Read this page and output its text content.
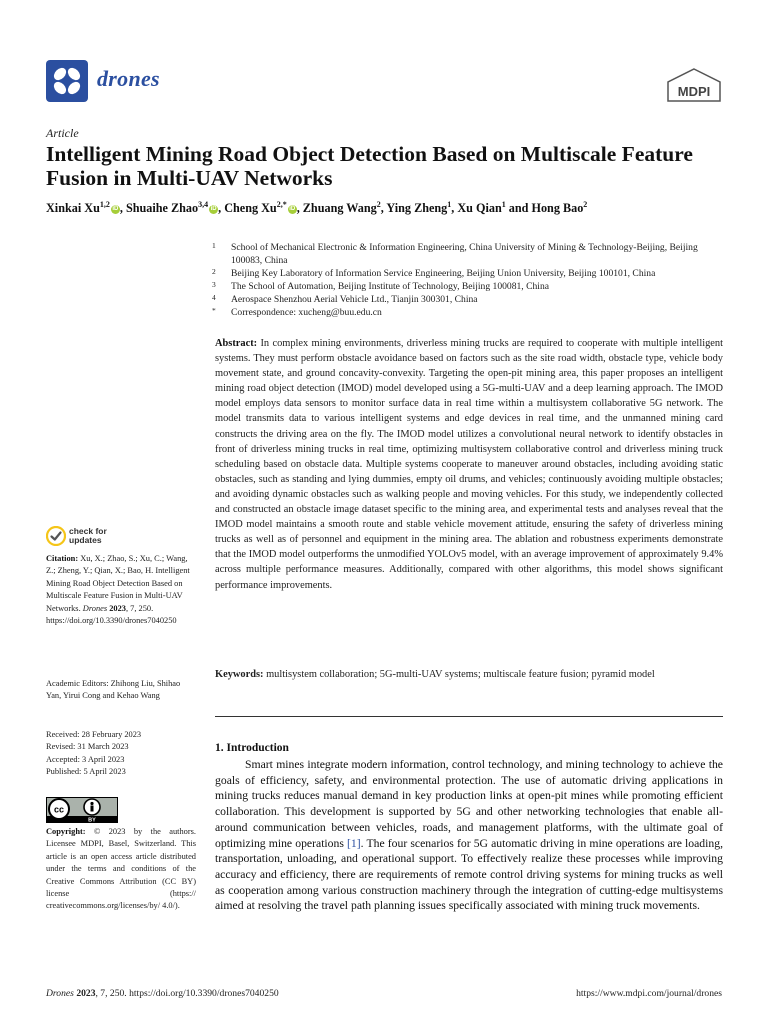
drones
MDPI
Article
Intelligent Mining Road Object Detection Based on Multiscale Feature Fusion in Multi-UAV Networks
Xinkai Xu$^{1,2}$ iD , Shuaihe Zhao$^{3,4}$ iD , Cheng $Xu^{2,*}$ iD , Zhuang Wang$^2$, Ying Zheng$^1$, Xu Qian$^1$ and Hong Bao$^2$
1	School of Mechanical Electronic & Information Engineering, China University of Mining & Technology-Beijing, Beijing 100083, China
2	Beijing Key Laboratory of Information Service Engineering, Beijing Union University, Beijing 100101, China
3	The School of Automation, Beijing Institute of Technology, Beijing 100081, China
4	Aerospace Shenzhou Aerial Vehicle Ltd., Tianjin 300301, China
*	Correspondence: xucheng@buu.edu.cn
Abstract: In complex mining environments, driverless mining trucks are required to cooperate with multiple intelligent systems. They must perform obstacle avoidance based on factors such as the site road width, obstacle type, vehicle body movement state, and ground concavity-convexity. Targeting the open-pit mining area, this paper proposes an intelligent mining road object detection (IMOD) model developed using a 5G-multi-UAV and a deep learning approach. The IMOD model employs data sensors to monitor surface data in real time within a multisystem collaborative 5G network. The model transmits data to various intelligent systems and edge devices in real time, and the unmanned mining card constructs the driving area on the fly. The IMOD model utilizes a convolutional neural network to identify obstacles in front of driverless mining trucks in real time, optimizing multisystem collaborative control and driverless mining truck scheduling based on obstacle data. Multiple systems cooperate to maneuver around obstacles, including avoiding static obstacles, such as standing and lying dummies, empty oil drums, and vehicles; continuously avoiding multiple obstacles; and avoiding dynamic obstacles such as walking people and moving vehicles. For this study, we independently collected and constructed an obstacle image dataset specific to the mining area, and experimental tests and analyses reveal that the IMOD model maintains a smooth route and stable vehicle movement attitude, ensuring the safety of driverless mining trucks as well as of personnel and equipment in the mining area. The ablation and robustness experiments demonstrate that the IMOD model outperforms the unmodified YOLOv5 model, with an average improvement of approximately 9.4% across multiple performance measures. Additionally, compared with other algorithms, this model shows significant performance improvements.
Keywords: multisystem collaboration; 5G-multi-UAV systems; multiscale feature fusion; pyramid model
1. Introduction
Smart mines integrate modern information, control technology, and mining technology to achieve the goals of efficiency, safety, and environmental protection. The use of automatic driving applications in mining trucks reduces manual demand in key production links at open-pit mines while promoting efficient collaboration. This development is supported by 5G and other networking technologies that enable all-around communication between vehicles, roads, and management platforms, with the ultimate goal of optimizing mine operations [1]. The four scenarios for 5G automatic driving in mine operations are loading, transportation, unloading, and operational support. To effectively realize these processes while improving accuracy and efficiency, there are requirements of remote control driving systems for mining trucks as well as cooperation among various construction machinery through the integration of cutting-edge multisystems aimed at resolving the travel path planning issues specifically associated with mining truck movements.
check for
updates
Citation: Xu, X.; Zhao, S.; Xu, C.; Wang, Z.; Zheng, Y.; Qian, X.; Bao, H. Intelligent Mining Road Object Detection Based on Multiscale Feature Fusion in Multi-UAV Networks. Drones 2023, 7, 250. https://doi.org/10.3390/drones7040250
Academic Editors: Zhihong Liu, Shihao Yan, Yirui Cong and Kehao Wang
Received: 28 February 2023
Revised: 31 March 2023
Accepted: 3 April 2023
Published: 5 April 2023
cc
BY
Copyright: © 2023 by the authors. Licensee MDPI, Basel, Switzerland. This article is an open access article distributed under the terms and conditions of the Creative Commons Attribution (CC BY) license (https:// creativecommons.org/licenses/by/ 4.0/).
Drones 2023, 7, 250. https://doi.org/10.3390/drones7040250	https://www.mdpi.com/journal/drones
